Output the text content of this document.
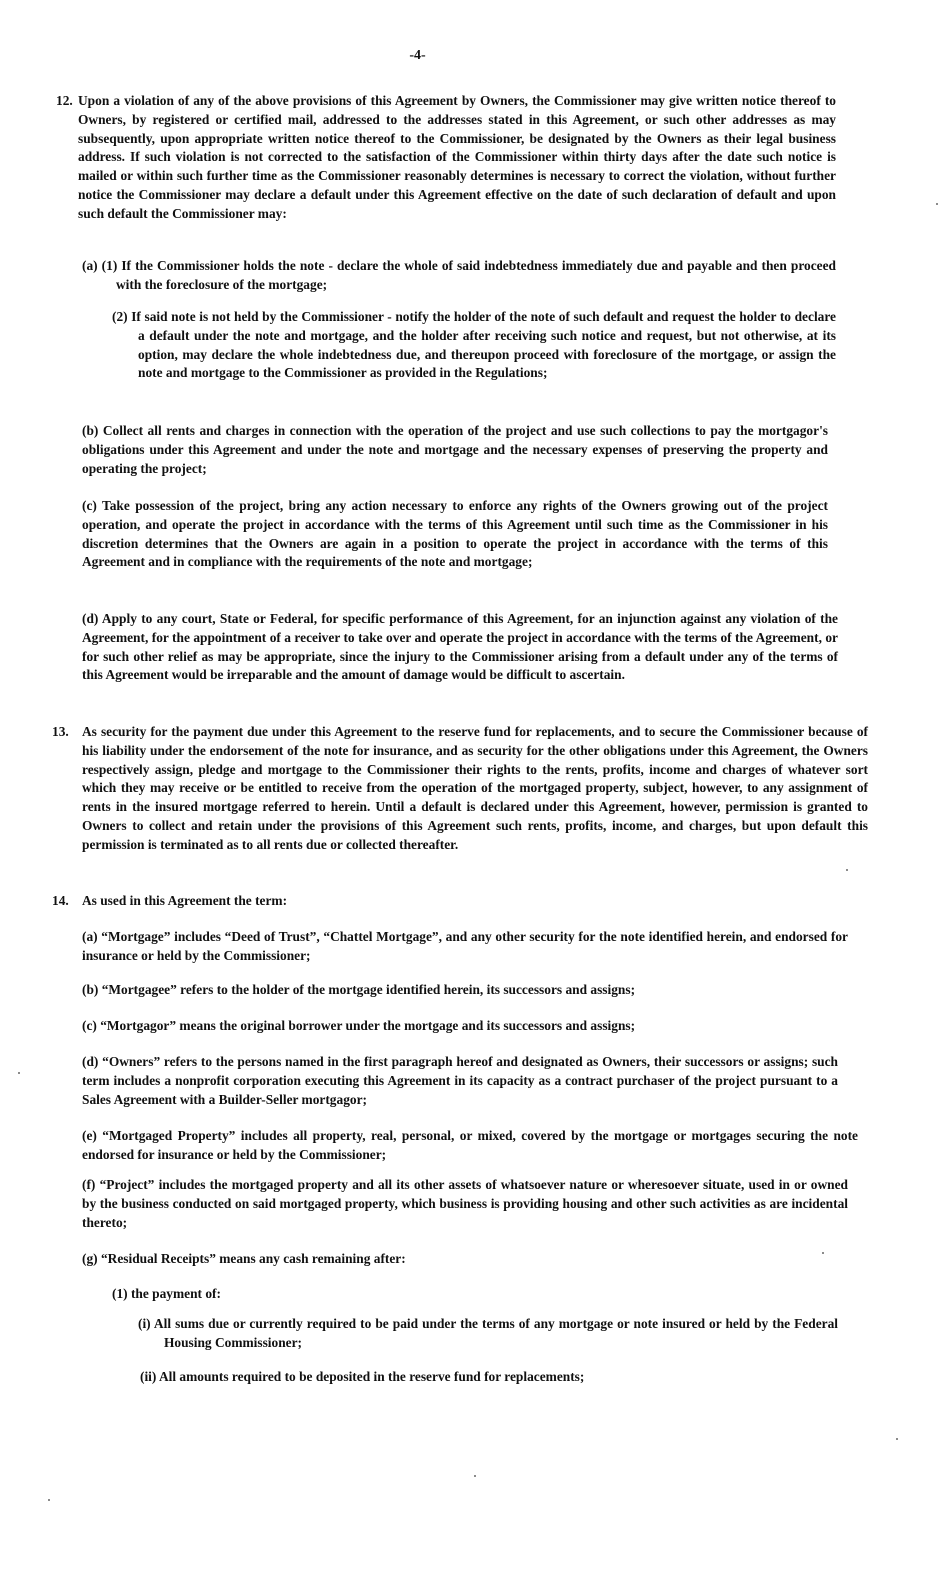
-4-
12. Upon a violation of any of the above provisions of this Agreement by Owners, the Commissioner may give written notice thereof to Owners, by registered or certified mail, addressed to the addresses stated in this Agreement, or such other addresses as may subsequently, upon appropriate written notice thereof to the Commissioner, be designated by the Owners as their legal business address. If such violation is not corrected to the satisfaction of the Commissioner within thirty days after the date such notice is mailed or within such further time as the Commissioner reasonably determines is necessary to correct the violation, without further notice the Commissioner may declare a default under this Agreement effective on the date of such declaration of default and upon such default the Commissioner may:
(a) (1) If the Commissioner holds the note - declare the whole of said indebtedness immediately due and payable and then proceed with the foreclosure of the mortgage;
(2) If said note is not held by the Commissioner - notify the holder of the note of such default and request the holder to declare a default under the note and mortgage, and the holder after receiving such notice and request, but not otherwise, at its option, may declare the whole indebtedness due, and thereupon proceed with foreclosure of the mortgage, or assign the note and mortgage to the Commissioner as provided in the Regulations;
(b) Collect all rents and charges in connection with the operation of the project and use such collections to pay the mortgagor's obligations under this Agreement and under the note and mortgage and the necessary expenses of preserving the property and operating the project;
(c) Take possession of the project, bring any action necessary to enforce any rights of the Owners growing out of the project operation, and operate the project in accordance with the terms of this Agreement until such time as the Commissioner in his discretion determines that the Owners are again in a position to operate the project in accordance with the terms of this Agreement and in compliance with the requirements of the note and mortgage;
(d) Apply to any court, State or Federal, for specific performance of this Agreement, for an injunction against any violation of the Agreement, for the appointment of a receiver to take over and operate the project in accordance with the terms of the Agreement, or for such other relief as may be appropriate, since the injury to the Commissioner arising from a default under any of the terms of this Agreement would be irreparable and the amount of damage would be difficult to ascertain.
13. As security for the payment due under this Agreement to the reserve fund for replacements, and to secure the Commissioner because of his liability under the endorsement of the note for insurance, and as security for the other obligations under this Agreement, the Owners respectively assign, pledge and mortgage to the Commissioner their rights to the rents, profits, income and charges of whatever sort which they may receive or be entitled to receive from the operation of the mortgaged property, subject, however, to any assignment of rents in the insured mortgage referred to herein. Until a default is declared under this Agreement, however, permission is granted to Owners to collect and retain under the provisions of this Agreement such rents, profits, income, and charges, but upon default this permission is terminated as to all rents due or collected thereafter.
14. As used in this Agreement the term:
(a) “Mortgage” includes “Deed of Trust”, “Chattel Mortgage”, and any other security for the note identified herein, and endorsed for insurance or held by the Commissioner;
(b) “Mortgagee” refers to the holder of the mortgage identified herein, its successors and assigns;
(c) “Mortgagor” means the original borrower under the mortgage and its successors and assigns;
(d) “Owners” refers to the persons named in the first paragraph hereof and designated as Owners, their successors or assigns; such term includes a nonprofit corporation executing this Agreement in its capacity as a contract purchaser of the project pursuant to a Sales Agreement with a Builder-Seller mortgagor;
(e) “Mortgaged Property” includes all property, real, personal, or mixed, covered by the mortgage or mortgages securing the note endorsed for insurance or held by the Commissioner;
(f) “Project” includes the mortgaged property and all its other assets of whatsoever nature or wheresoever situate, used in or owned by the business conducted on said mortgaged property, which business is providing housing and other such activities as are incidental thereto;
(g) “Residual Receipts” means any cash remaining after:
(1) the payment of:
(i) All sums due or currently required to be paid under the terms of any mortgage or note insured or held by the Federal Housing Commissioner;
(ii) All amounts required to be deposited in the reserve fund for replacements;
